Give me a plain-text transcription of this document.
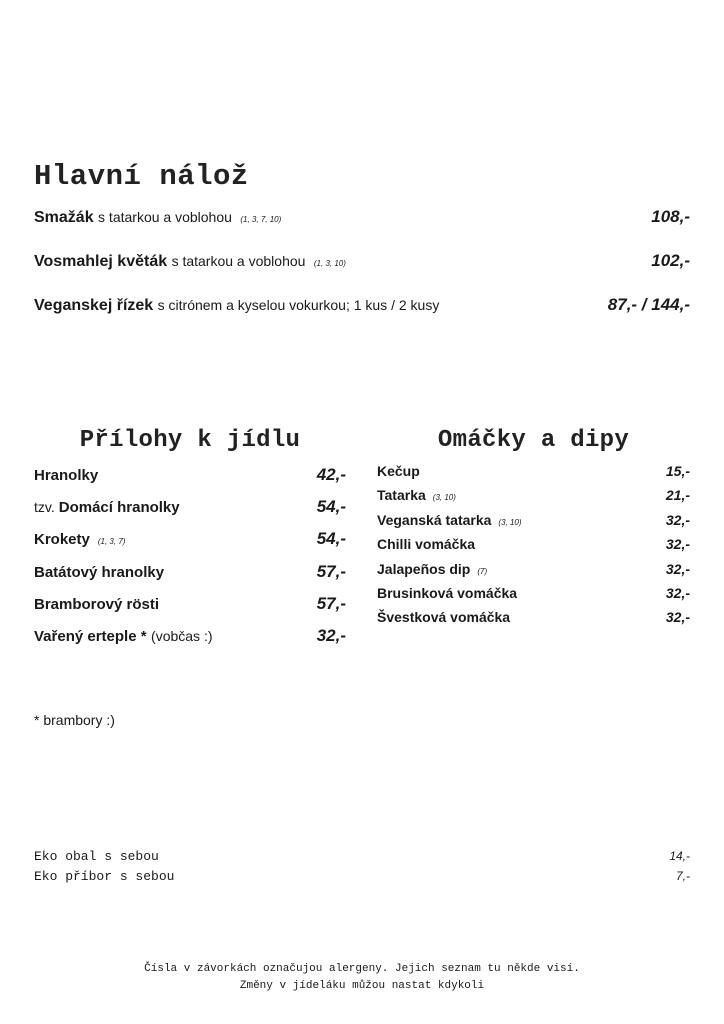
Hlavní nálož
Smažák s tatarkou a voblohou (1, 3, 7, 10)	108,-
Vosmahlej květák s tatarkou a voblohou (1, 3, 10)	102,-
Veganskej řízek s citrónem a kyselou vokurkou; 1 kus / 2 kusy	87,- / 144,-
Přílohy k jídlu	Omáčky a dipy
Hranolky	42,-
tzv. Domácí hranolky	54,-
Krokety (1, 3, 7)	54,-
Batátový hranolky	57,-
Bramborový rösti	57,-
Vařený erteple * (vobčas :)	32,-
Kečup	15,-
Tatarka (3, 10)	21,-
Veganská tatarka (3, 10)	32,-
Chilli vomáčka	32,-
Jalapeños dip (7)	32,-
Brusinková vomáčka	32,-
Švestková vomáčka	32,-
* brambory :)
Eko obal s sebou	14,-
Eko příbor s sebou	7,-
Čísla v závorkách označujou alergeny. Jejich seznam tu někde visí.
Změny v jídeláku můžou nastat kdykoli
